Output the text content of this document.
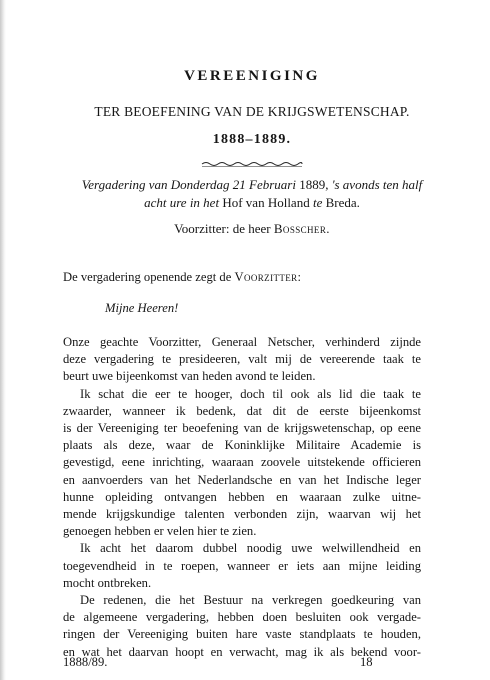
VEREENIGING
TER BEOEFENING VAN DE KRIJGSWETENSCHAP.
1888–1889.
Vergadering van Donderdag 21 Februari 1889, 's avonds ten half
acht ure in het Hof van Holland te Breda.
Voorzitter: de heer Bosscher.
De vergadering openende zegt de Voorzitter:
Mijne Heeren!
Onze geachte Voorzitter, Generaal Netscher, verhinderd zijnde
deze vergadering te presideeren, valt mij de vereerende taak te
beurt uwe bijeenkomst van heden avond te leiden.
Ik schat die eer te hooger, doch til ook als lid die taak te
zwaarder, wanneer ik bedenk, dat dit de eerste bijeenkomst
is der Vereeniging ter beoefening van de krijgswetenschap, op eene
plaats als deze, waar de Koninklijke Militaire Academie is
gevestigd, eene inrichting, waaraan zoovele uitstekende officieren
en aanvoerders van het Nederlandsche en van het Indische leger
hunne opleiding ontvangen hebben en waaraan zulke uitne-
mende krijgskundige talenten verbonden zijn, waarvan wij het
genoegen hebben er velen hier te zien.
Ik acht het daarom dubbel noodig uwe welwillendheid en
toegevendheid in te roepen, wanneer er iets aan mijne leiding
mocht ontbreken.
De redenen, die het Bestuur na verkregen goedkeuring van
de algemeene vergadering, hebben doen besluiten ook vergade-
ringen der Vereeniging buiten hare vaste standplaats te houden,
1888/89.	18
en wat het daarvan hoopt en verwacht, mag ik als bekend voor-
